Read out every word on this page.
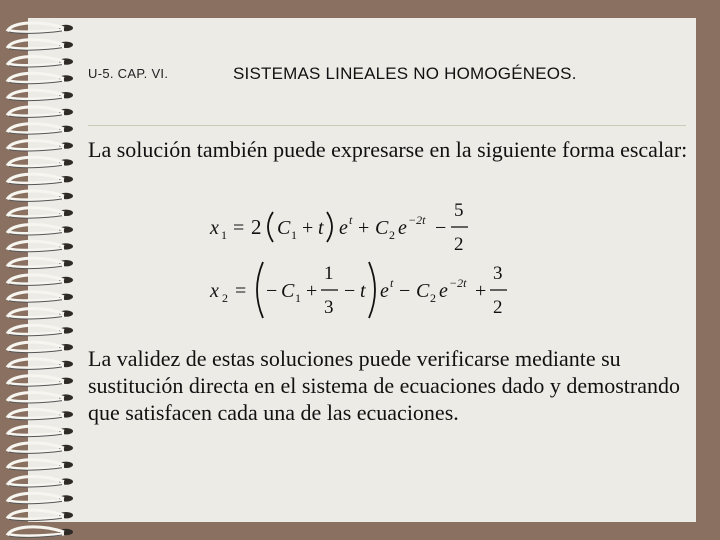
U-5. CAP. VI.	SISTEMAS LINEALES NO HOMOGÉNEOS.
La solución también puede expresarse en la siguiente forma escalar:
x 1 = 2 C 1 + t e t + C 2 e −2t −
5
2
x 2 = − C 1 +
1
3
− t e t − C 2 e −2t +
3
2
La validez de estas soluciones puede verificarse mediante su sustitución directa en el sistema de ecuaciones dado y demostrando que satisfacen cada una de las ecuaciones.
